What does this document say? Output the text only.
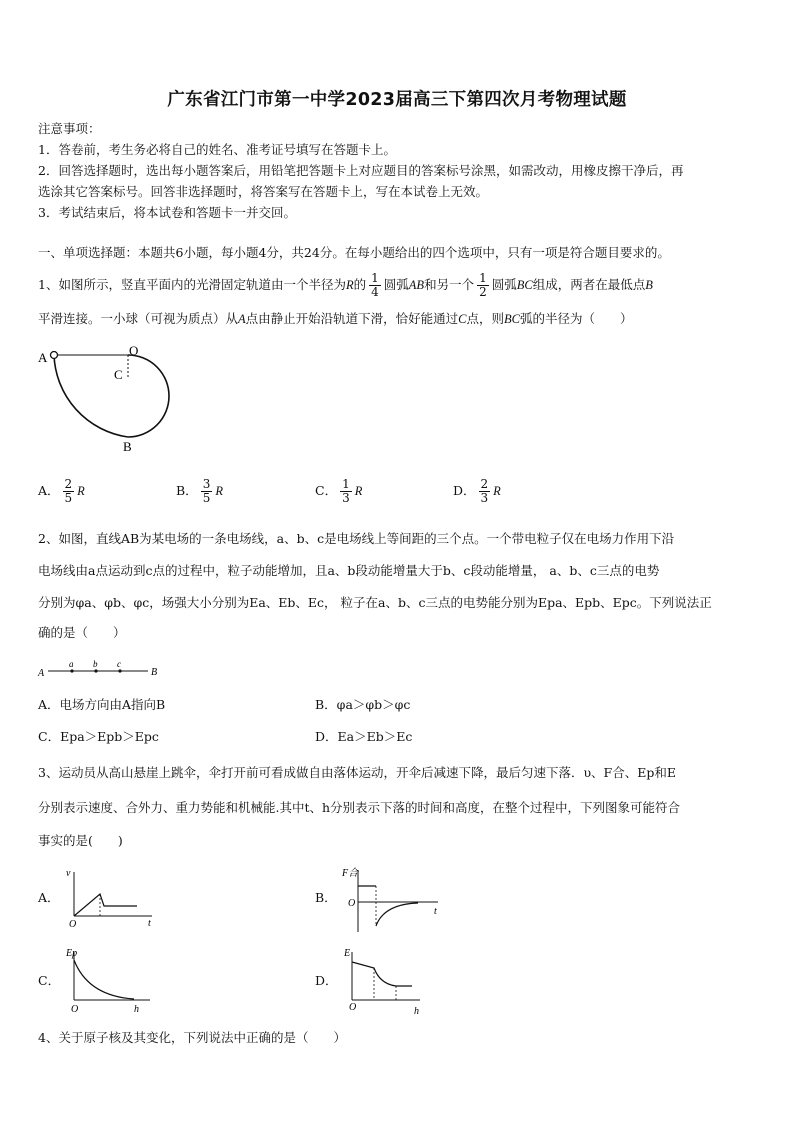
广东省江门市第一中学2023届高三下第四次月考物理试题
注意事项：
1．答卷前，考生务必将自己的姓名、准考证号填写在答题卡上。
2．回答选择题时，选出每小题答案后，用铅笔把答题卡上对应题目的答案标号涂黑，如需改动，用橡皮擦干净后，再
选涂其它答案标号。回答非选择题时，将答案写在答题卡上，写在本试卷上无效。
3．考试结束后，将本试卷和答题卡一并交回。
一、单项选择题：本题共6小题，每小题4分，共24分。在每小题给出的四个选项中，只有一项是符合题目要求的。
1、如图所示，竖直平面内的光滑固定轨道由一个半径为 R 的 $\frac{1}{4}$ 圆弧 AB 和另一个 $\frac{1}{2}$ 圆弧 BC 组成，两者在最低点 B
平滑连接。一小球（可视为质点）从A点由静止开始沿轨道下滑，恰好能通过C点，则BC弧的半径为（　　）
A	O
C
B
A． $\frac{2}{5}$ R	B． $\frac{3}{5}$ R	C． $\frac{1}{3}$ R	D． $\frac{2}{3}$ R
2、如图，直线AB为某电场的一条电场线，a、b、c是电场线上等间距的三个点。一个带电粒子仅在电场力作用下沿
电场线由a点运动到c点的过程中，粒子动能增加，且a、b段动能增量大于b、c段动能增量， a、b、c三点的电势
分别为φa、φb、φc，场强大小分别为Ea、Eb、Ec， 粒子在a、b、c三点的电势能分别为Epa、Epb、Epc。下列说法正
确的是（　　）
A
a b c
B
A．电场方向由A指向B	B．φa＞φb＞φc
C．Epa＞Epb＞Epc	D．Ea＞Eb＞Ec
3、运动员从高山悬崖上跳伞，伞打开前可看成做自由落体运动，开伞后减速下降，最后匀速下落．υ、F合、Ep和E
分别表示速度、合外力、重力势能和机械能.其中t、h分别表示下落的时间和高度，在整个过程中，下列图象可能符合
事实的是(　　)
A．
v
O	t
B．
F合
O
t
C．
Ep
O	h
D．
E
O	h
4、关于原子核及其变化，下列说法中正确的是（　　）
